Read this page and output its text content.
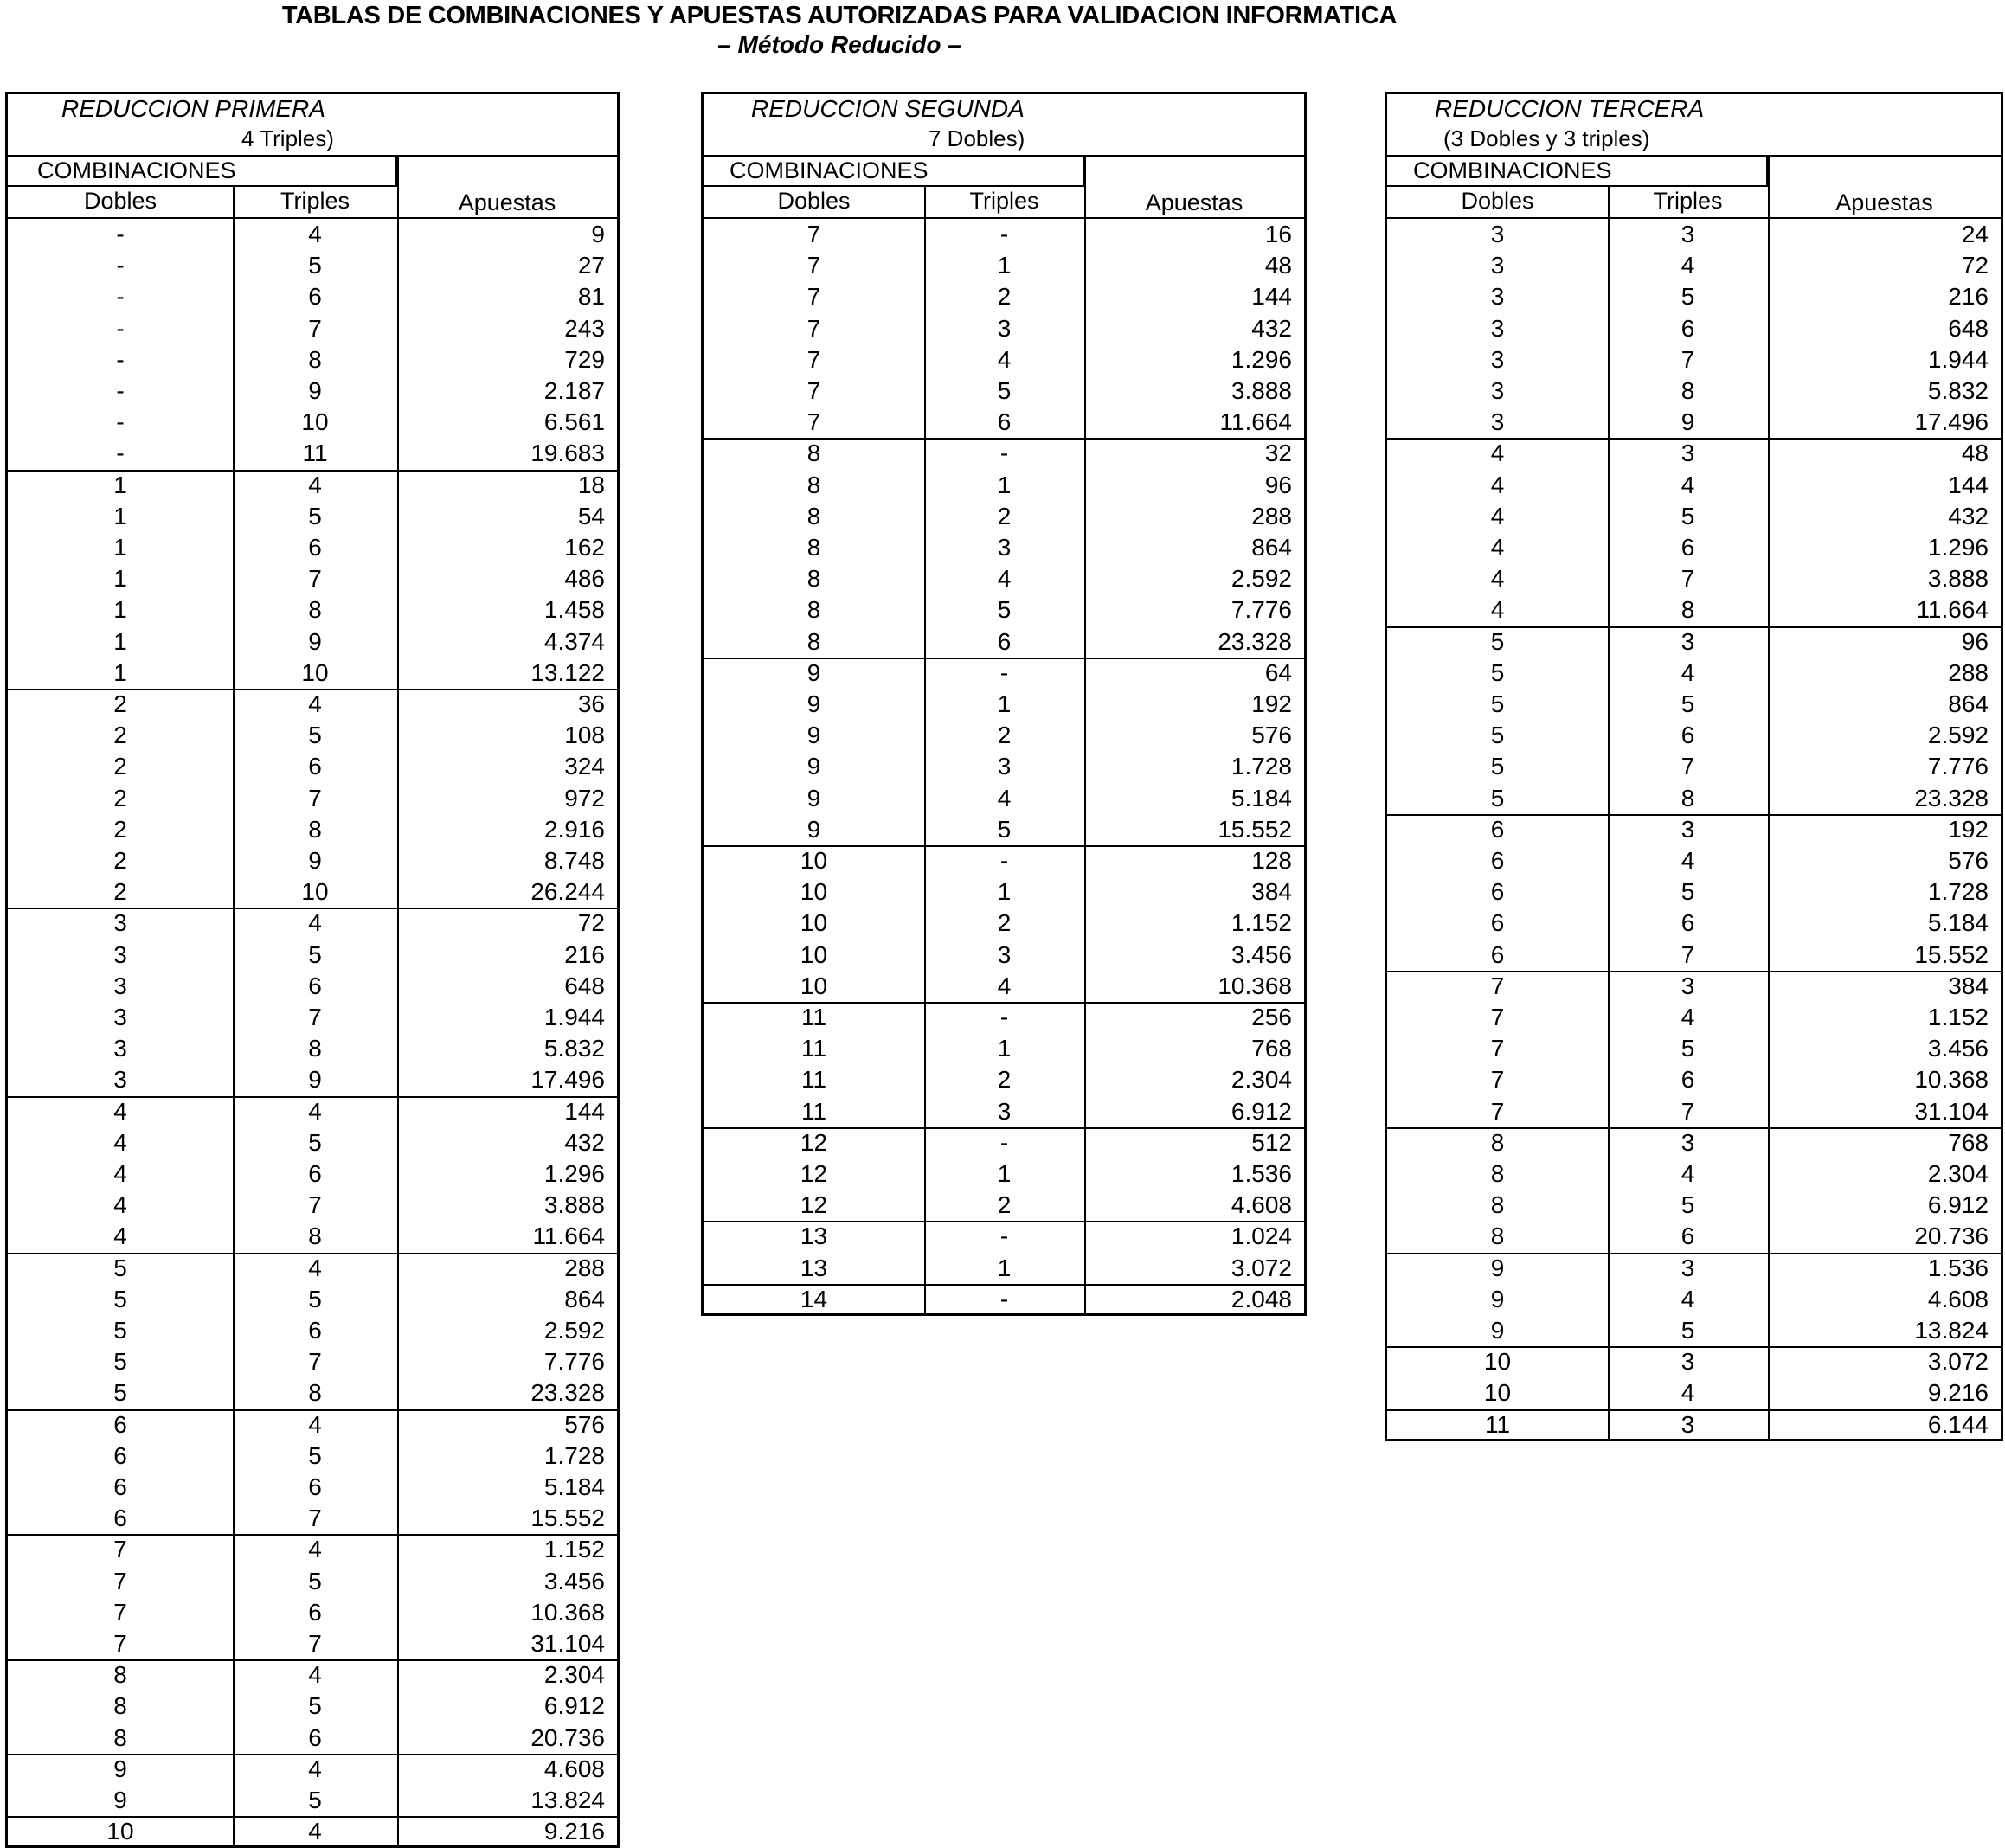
TABLAS DE COMBINACIONES Y APUESTAS AUTORIZADAS PARA VALIDACION INFORMATICA
– Método Reducido –
REDUCCION PRIMERA
4 Triples)
COMBINACIONES
Dobles	Triples	Apuestas
-	4	9
-	5	27
-	6	81
-	7	243
-	8	729
-	9	2.187
-	10	6.561
-	11	19.683
1	4	18
1	5	54
1	6	162
1	7	486
1	8	1.458
1	9	4.374
1	10	13.122
2	4	36
2	5	108
2	6	324
2	7	972
2	8	2.916
2	9	8.748
2	10	26.244
3	4	72
3	5	216
3	6	648
3	7	1.944
3	8	5.832
3	9	17.496
4	4	144
4	5	432
4	6	1.296
4	7	3.888
4	8	11.664
5	4	288
5	5	864
5	6	2.592
5	7	7.776
5	8	23.328
6	4	576
6	5	1.728
6	6	5.184
6	7	15.552
7	4	1.152
7	5	3.456
7	6	10.368
7	7	31.104
8	4	2.304
8	5	6.912
8	6	20.736
9	4	4.608
9	5	13.824
10	4	9.216
REDUCCION SEGUNDA
7 Dobles)
COMBINACIONES
Dobles	Triples	Apuestas
7	-	16
7	1	48
7	2	144
7	3	432
7	4	1.296
7	5	3.888
7	6	11.664
8	-	32
8	1	96
8	2	288
8	3	864
8	4	2.592
8	5	7.776
8	6	23.328
9	-	64
9	1	192
9	2	576
9	3	1.728
9	4	5.184
9	5	15.552
10	-	128
10	1	384
10	2	1.152
10	3	3.456
10	4	10.368
11	-	256
11	1	768
11	2	2.304
11	3	6.912
12	-	512
12	1	1.536
12	2	4.608
13	-	1.024
13	1	3.072
14	-	2.048
REDUCCION TERCERA
(3 Dobles y 3 triples)
COMBINACIONES
Dobles	Triples	Apuestas
3	3	24
3	4	72
3	5	216
3	6	648
3	7	1.944
3	8	5.832
3	9	17.496
4	3	48
4	4	144
4	5	432
4	6	1.296
4	7	3.888
4	8	11.664
5	3	96
5	4	288
5	5	864
5	6	2.592
5	7	7.776
5	8	23.328
6	3	192
6	4	576
6	5	1.728
6	6	5.184
6	7	15.552
7	3	384
7	4	1.152
7	5	3.456
7	6	10.368
7	7	31.104
8	3	768
8	4	2.304
8	5	6.912
8	6	20.736
9	3	1.536
9	4	4.608
9	5	13.824
10	3	3.072
10	4	9.216
11	3	6.144
